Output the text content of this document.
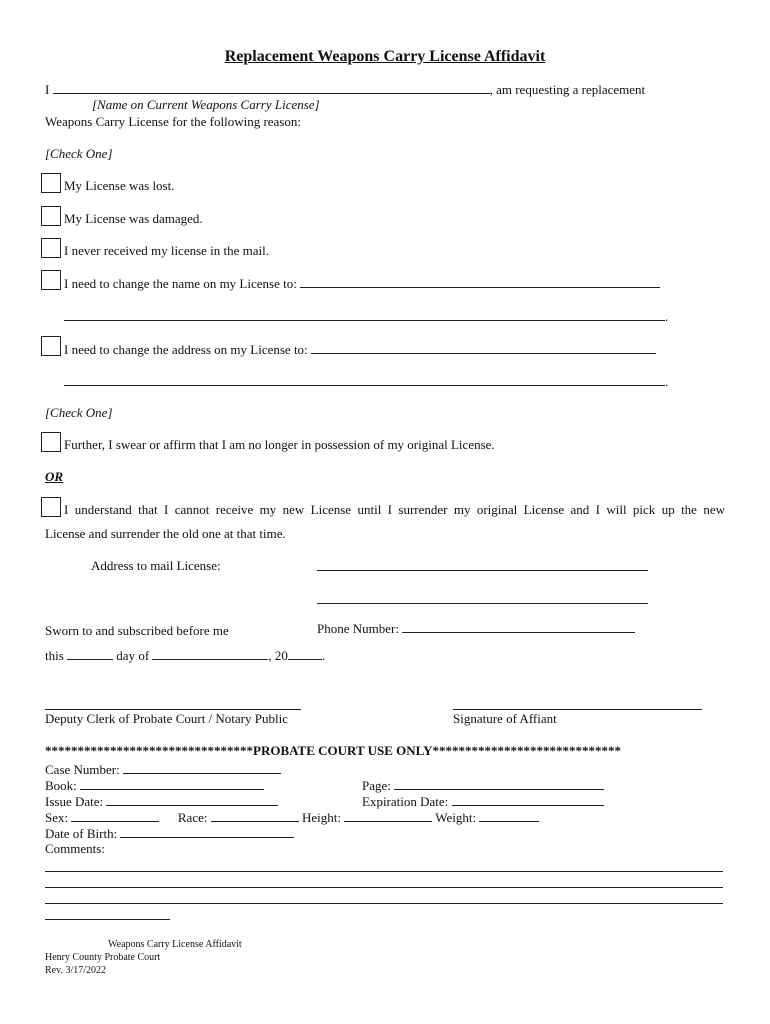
Replacement Weapons Carry License Affidavit
I	, am requesting a replacement
[Name on Current Weapons Carry License]
Weapons Carry License for the following reason:
[Check One]
My License was lost.
My License was damaged.
I never received my license in the mail.
I need to change the name on my License to:
.
I need to change the address on my License to:
.
[Check One]
Further, I swear or affirm that I am no longer in possession of my original License.
OR
I understand that I cannot receive my new License until I surrender my original License and I will pick up the new
License and surrender the old one at that time.
Address to mail License:
Sworn to and subscribed before me	Phone Number:
this	day of	, 20	.
Deputy Clerk of Probate Court / Notary Public	Signature of Affiant
********************************PROBATE COURT USE ONLY*****************************
Case Number:
Book:	Page:
Issue Date:	Expiration Date:
Sex:	Race:	Height:	Weight:
Date of Birth:
Comments:
Weapons Carry License Affidavit
Henry County Probate Court
Rev. 3/17/2022
